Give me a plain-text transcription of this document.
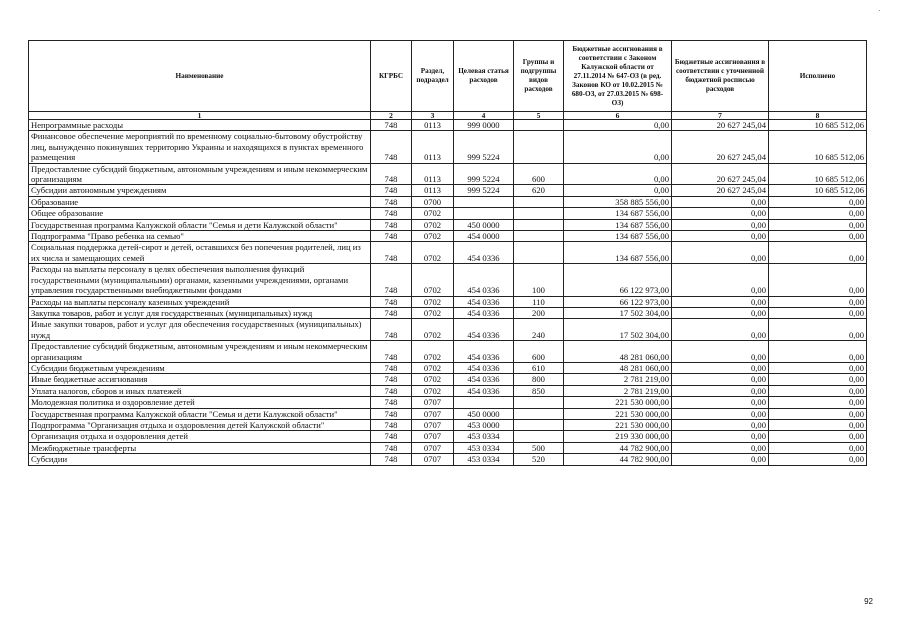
Наименование	КГРБС	Раздел, подраздел	Целевая статья расходов	Группы и подгруппы видов расходов	Бюджетные ассигнования в соответствии с Законом Калужской области от 27.11.2014 № 647-ОЗ (в ред. Законов КО от 10.02.2015 № 680-ОЗ, от 27.03.2015 № 698-ОЗ)	Бюджетные ассигнования в соответствии с уточненной бюджетной росписью расходов	Исполнено
1	2	3	4	5	6	7	8
Непрограммные расходы	748	0113	999 0000		0,00	20 627 245,04	10 685 512,06
Финансовое обеспечение мероприятий по временному социально-бытовому обустройству лиц, вынужденно покинувших территорию Украины и находящихся в пунктах временного размещения	748	0113	999 5224		0,00	20 627 245,04	10 685 512,06
Предоставление субсидий бюджетным, автономным учреждениям и иным некоммерческим организациям	748	0113	999 5224	600	0,00	20 627 245,04	10 685 512,06
Субсидии автономным учреждениям	748	0113	999 5224	620	0,00	20 627 245,04	10 685 512,06
Образование	748	0700			358 885 556,00	0,00	0,00
Общее образование	748	0702			134 687 556,00	0,00	0,00
Государственная программа Калужской области "Семья и дети Калужской области"	748	0702	450 0000		134 687 556,00	0,00	0,00
Подпрограмма "Право ребенка на семью"	748	0702	454 0000		134 687 556,00	0,00	0,00
Социальная поддержка детей-сирот и детей, оставшихся без попечения родителей, лиц из их числа и замещающих семей	748	0702	454 0336		134 687 556,00	0,00	0,00
Расходы на выплаты персоналу в целях обеспечения выполнения функций государственными (муниципальными) органами, казенными учреждениями, органами управления государственными внебюджетными фондами	748	0702	454 0336	100	66 122 973,00	0,00	0,00
Расходы на выплаты персоналу казенных учреждений	748	0702	454 0336	110	66 122 973,00	0,00	0,00
Закупка товаров, работ и услуг для государственных (муниципальных) нужд	748	0702	454 0336	200	17 502 304,00	0,00	0,00
Иные закупки товаров, работ и услуг для обеспечения государственных (муниципальных) нужд	748	0702	454 0336	240	17 502 304,00	0,00	0,00
Предоставление субсидий бюджетным, автономным учреждениям и иным некоммерческим организациям	748	0702	454 0336	600	48 281 060,00	0,00	0,00
Субсидии бюджетным учреждениям	748	0702	454 0336	610	48 281 060,00	0,00	0,00
Иные бюджетные ассигнования	748	0702	454 0336	800	2 781 219,00	0,00	0,00
Уплата налогов, сборов и иных платежей	748	0702	454 0336	850	2 781 219,00	0,00	0,00
Молодежная политика и оздоровление детей	748	0707			221 530 000,00	0,00	0,00
Государственная программа Калужской области "Семья и дети Калужской области"	748	0707	450 0000		221 530 000,00	0,00	0,00
Подпрограмма "Организация отдыха и оздоровления детей Калужской области"	748	0707	453 0000		221 530 000,00	0,00	0,00
Организация отдыха и оздоровления детей	748	0707	453 0334		219 330 000,00	0,00	0,00
Межбюджетные трансферты	748	0707	453 0334	500	44 782 900,00	0,00	0,00
Субсидии	748	0707	453 0334	520	44 782 900,00	0,00	0,00
·
92
